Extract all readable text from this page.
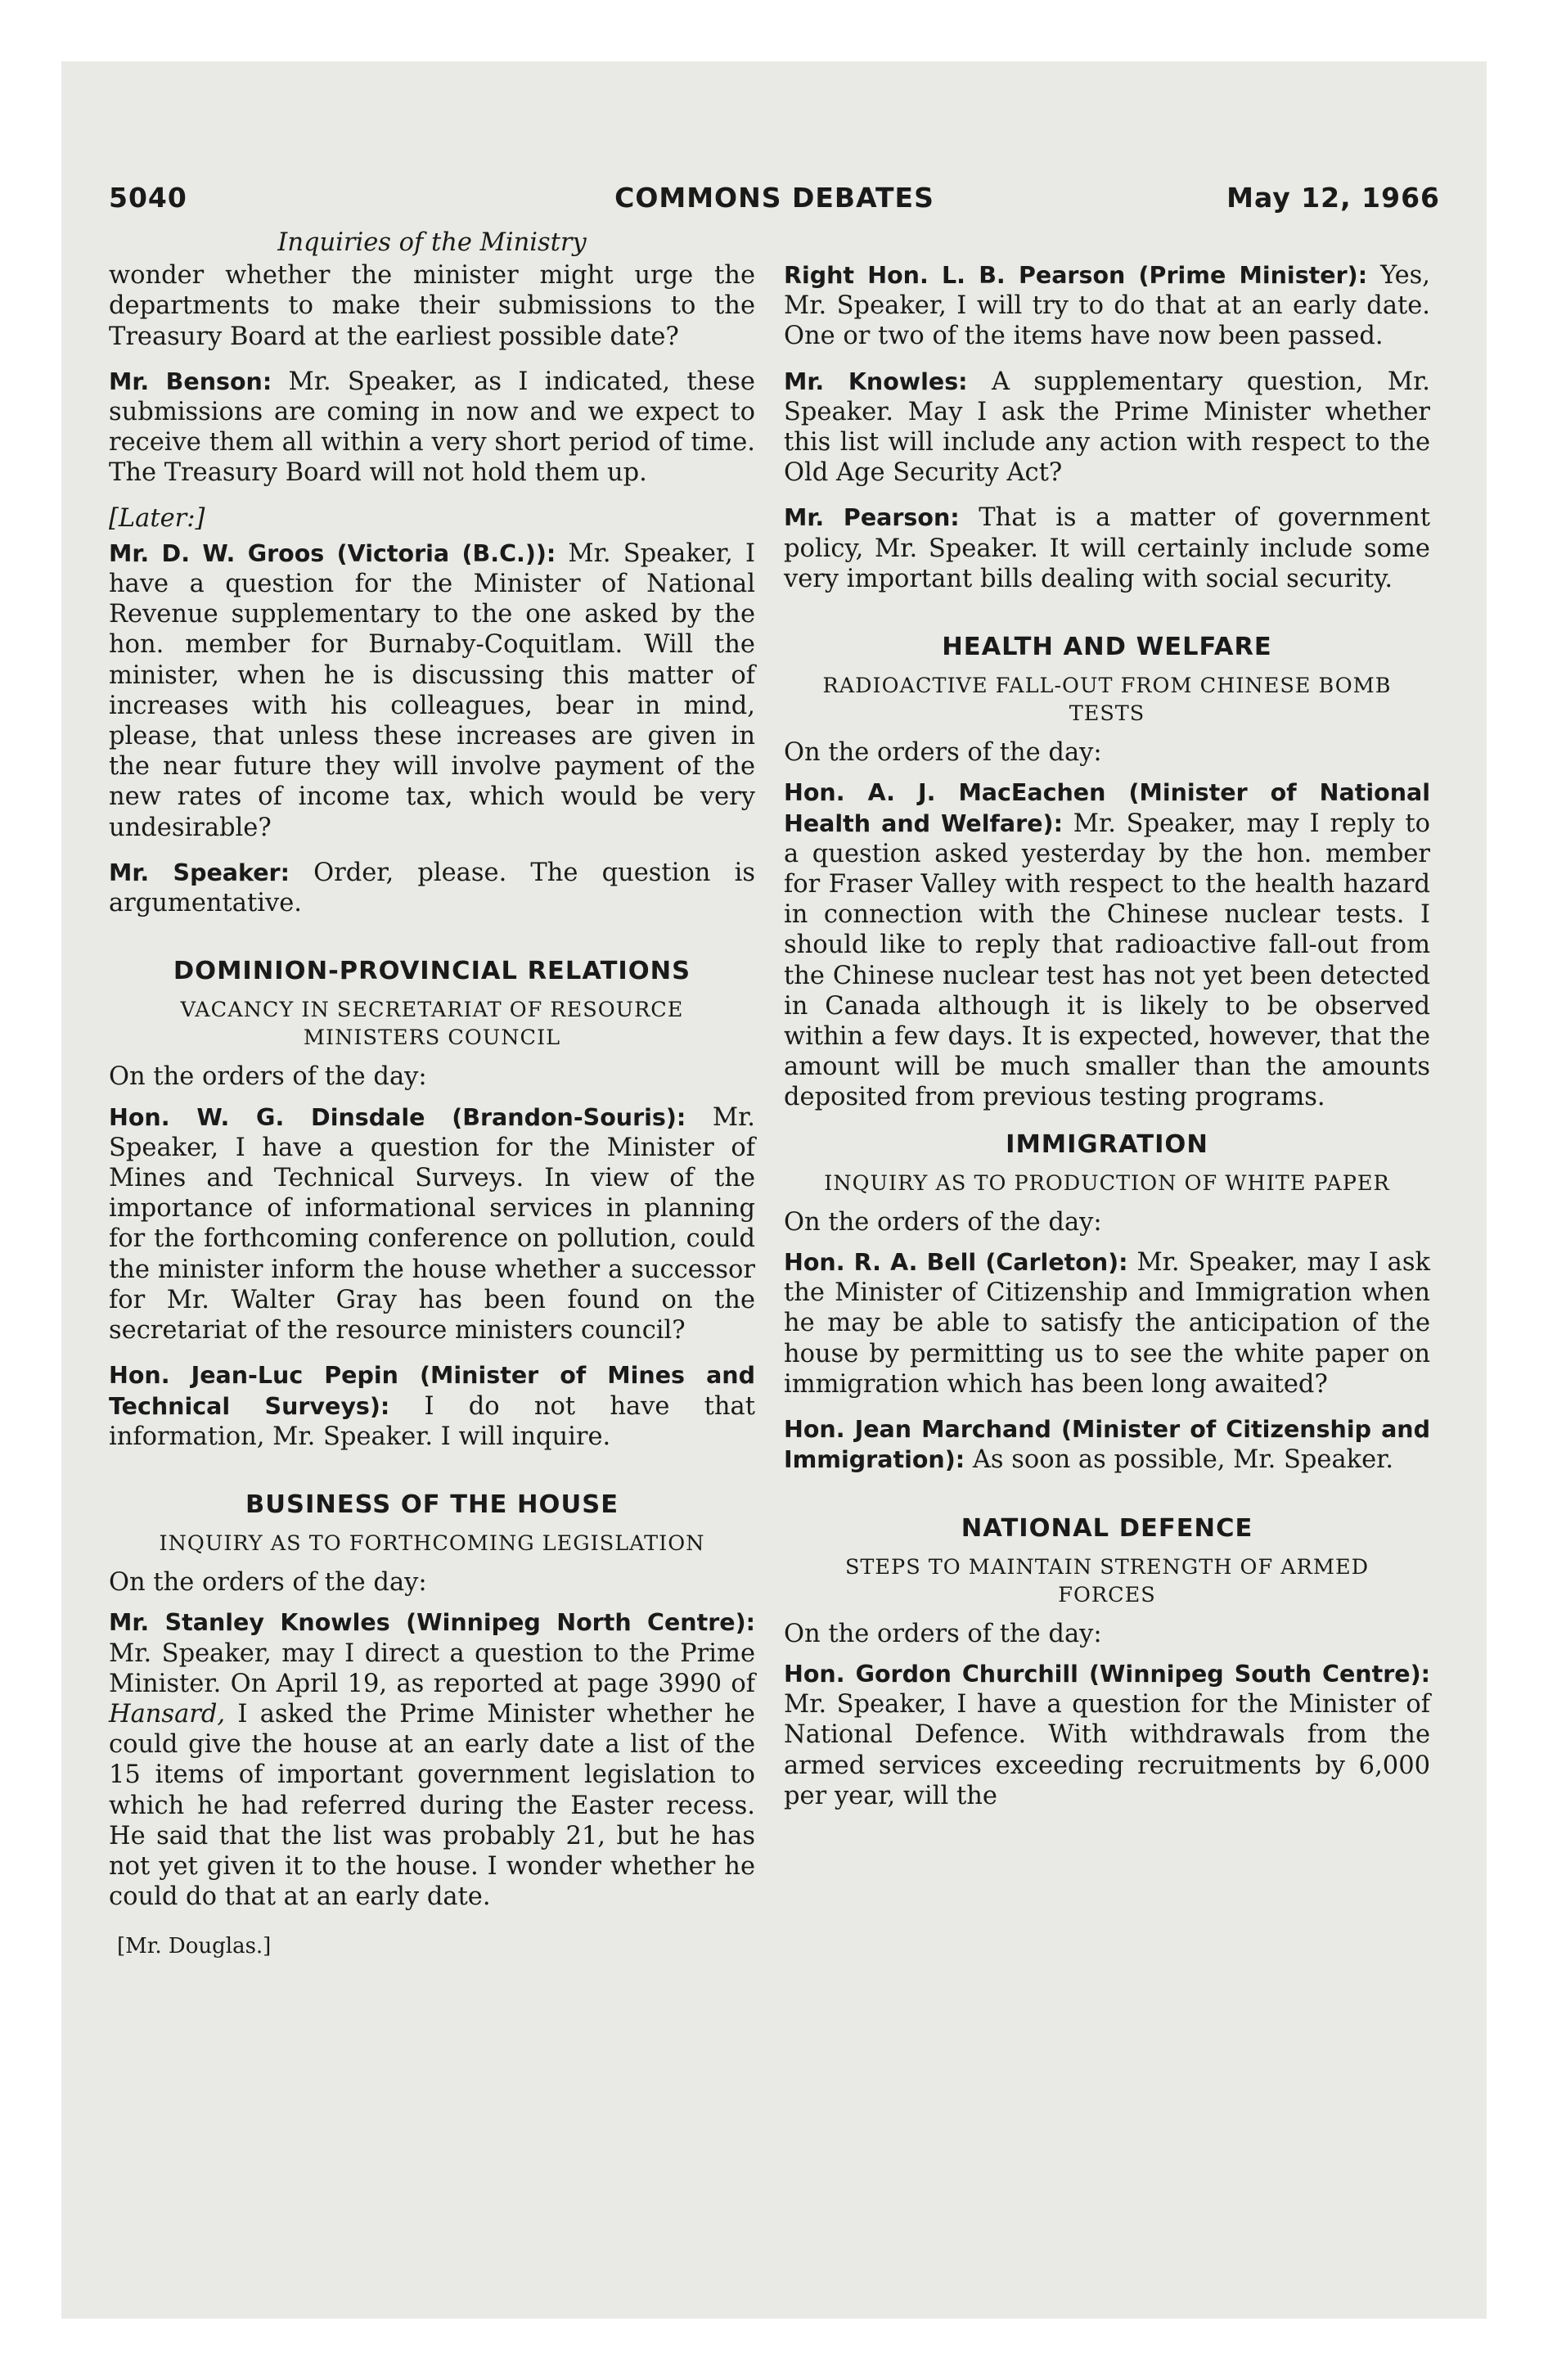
5040	COMMONS DEBATES	May 12, 1966

Inquiries of the Ministry

wonder whether the minister might urge the departments to make their submissions to the Treasury Board at the earliest possible date?

Mr. Benson: Mr. Speaker, as I indicated, these submissions are coming in now and we expect to receive them all within a very short period of time. The Treasury Board will not hold them up.

[Later:]

Mr. D. W. Groos (Victoria (B.C.)): Mr. Speaker, I have a question for the Minister of National Revenue supplementary to the one asked by the hon. member for Burnaby-Coquitlam. Will the minister, when he is discussing this matter of increases with his colleagues, bear in mind, please, that unless these increases are given in the near future they will involve payment of the new rates of income tax, which would be very undesirable?

Mr. Speaker: Order, please. The question is argumentative.

DOMINION-PROVINCIAL RELATIONS

VACANCY IN SECRETARIAT OF RESOURCE MINISTERS COUNCIL

On the orders of the day:

Hon. W. G. Dinsdale (Brandon-Souris): Mr. Speaker, I have a question for the Minister of Mines and Technical Surveys. In view of the importance of informational services in planning for the forthcoming conference on pollution, could the minister inform the house whether a successor for Mr. Walter Gray has been found on the secretariat of the resource ministers council?

Hon. Jean-Luc Pepin (Minister of Mines and Technical Surveys): I do not have that information, Mr. Speaker. I will inquire.

BUSINESS OF THE HOUSE

INQUIRY AS TO FORTHCOMING LEGISLATION

On the orders of the day:

Mr. Stanley Knowles (Winnipeg North Centre): Mr. Speaker, may I direct a question to the Prime Minister. On April 19, as reported at page 3990 of Hansard, I asked the Prime Minister whether he could give the house at an early date a list of the 15 items of important government legislation to which he had referred during the Easter recess. He said that the list was probably 21, but he has not yet given it to the house. I wonder whether he could do that at an early date.

[Mr. Douglas.]

Right Hon. L. B. Pearson (Prime Minister): Yes, Mr. Speaker, I will try to do that at an early date. One or two of the items have now been passed.

Mr. Knowles: A supplementary question, Mr. Speaker. May I ask the Prime Minister whether this list will include any action with respect to the Old Age Security Act?

Mr. Pearson: That is a matter of government policy, Mr. Speaker. It will certainly include some very important bills dealing with social security.

HEALTH AND WELFARE

RADIOACTIVE FALL-OUT FROM CHINESE BOMB TESTS

On the orders of the day:

Hon. A. J. MacEachen (Minister of National Health and Welfare): Mr. Speaker, may I reply to a question asked yesterday by the hon. member for Fraser Valley with respect to the health hazard in connection with the Chinese nuclear tests. I should like to reply that radioactive fall-out from the Chinese nuclear test has not yet been detected in Canada although it is likely to be observed within a few days. It is expected, however, that the amount will be much smaller than the amounts deposited from previous testing programs.

IMMIGRATION

INQUIRY AS TO PRODUCTION OF WHITE PAPER

On the orders of the day:

Hon. R. A. Bell (Carleton): Mr. Speaker, may I ask the Minister of Citizenship and Immigration when he may be able to satisfy the anticipation of the house by permitting us to see the white paper on immigration which has been long awaited?

Hon. Jean Marchand (Minister of Citizenship and Immigration): As soon as possible, Mr. Speaker.

NATIONAL DEFENCE

STEPS TO MAINTAIN STRENGTH OF ARMED FORCES

On the orders of the day:

Hon. Gordon Churchill (Winnipeg South Centre): Mr. Speaker, I have a question for the Minister of National Defence. With withdrawals from the armed services exceeding recruitments by 6,000 per year, will the
